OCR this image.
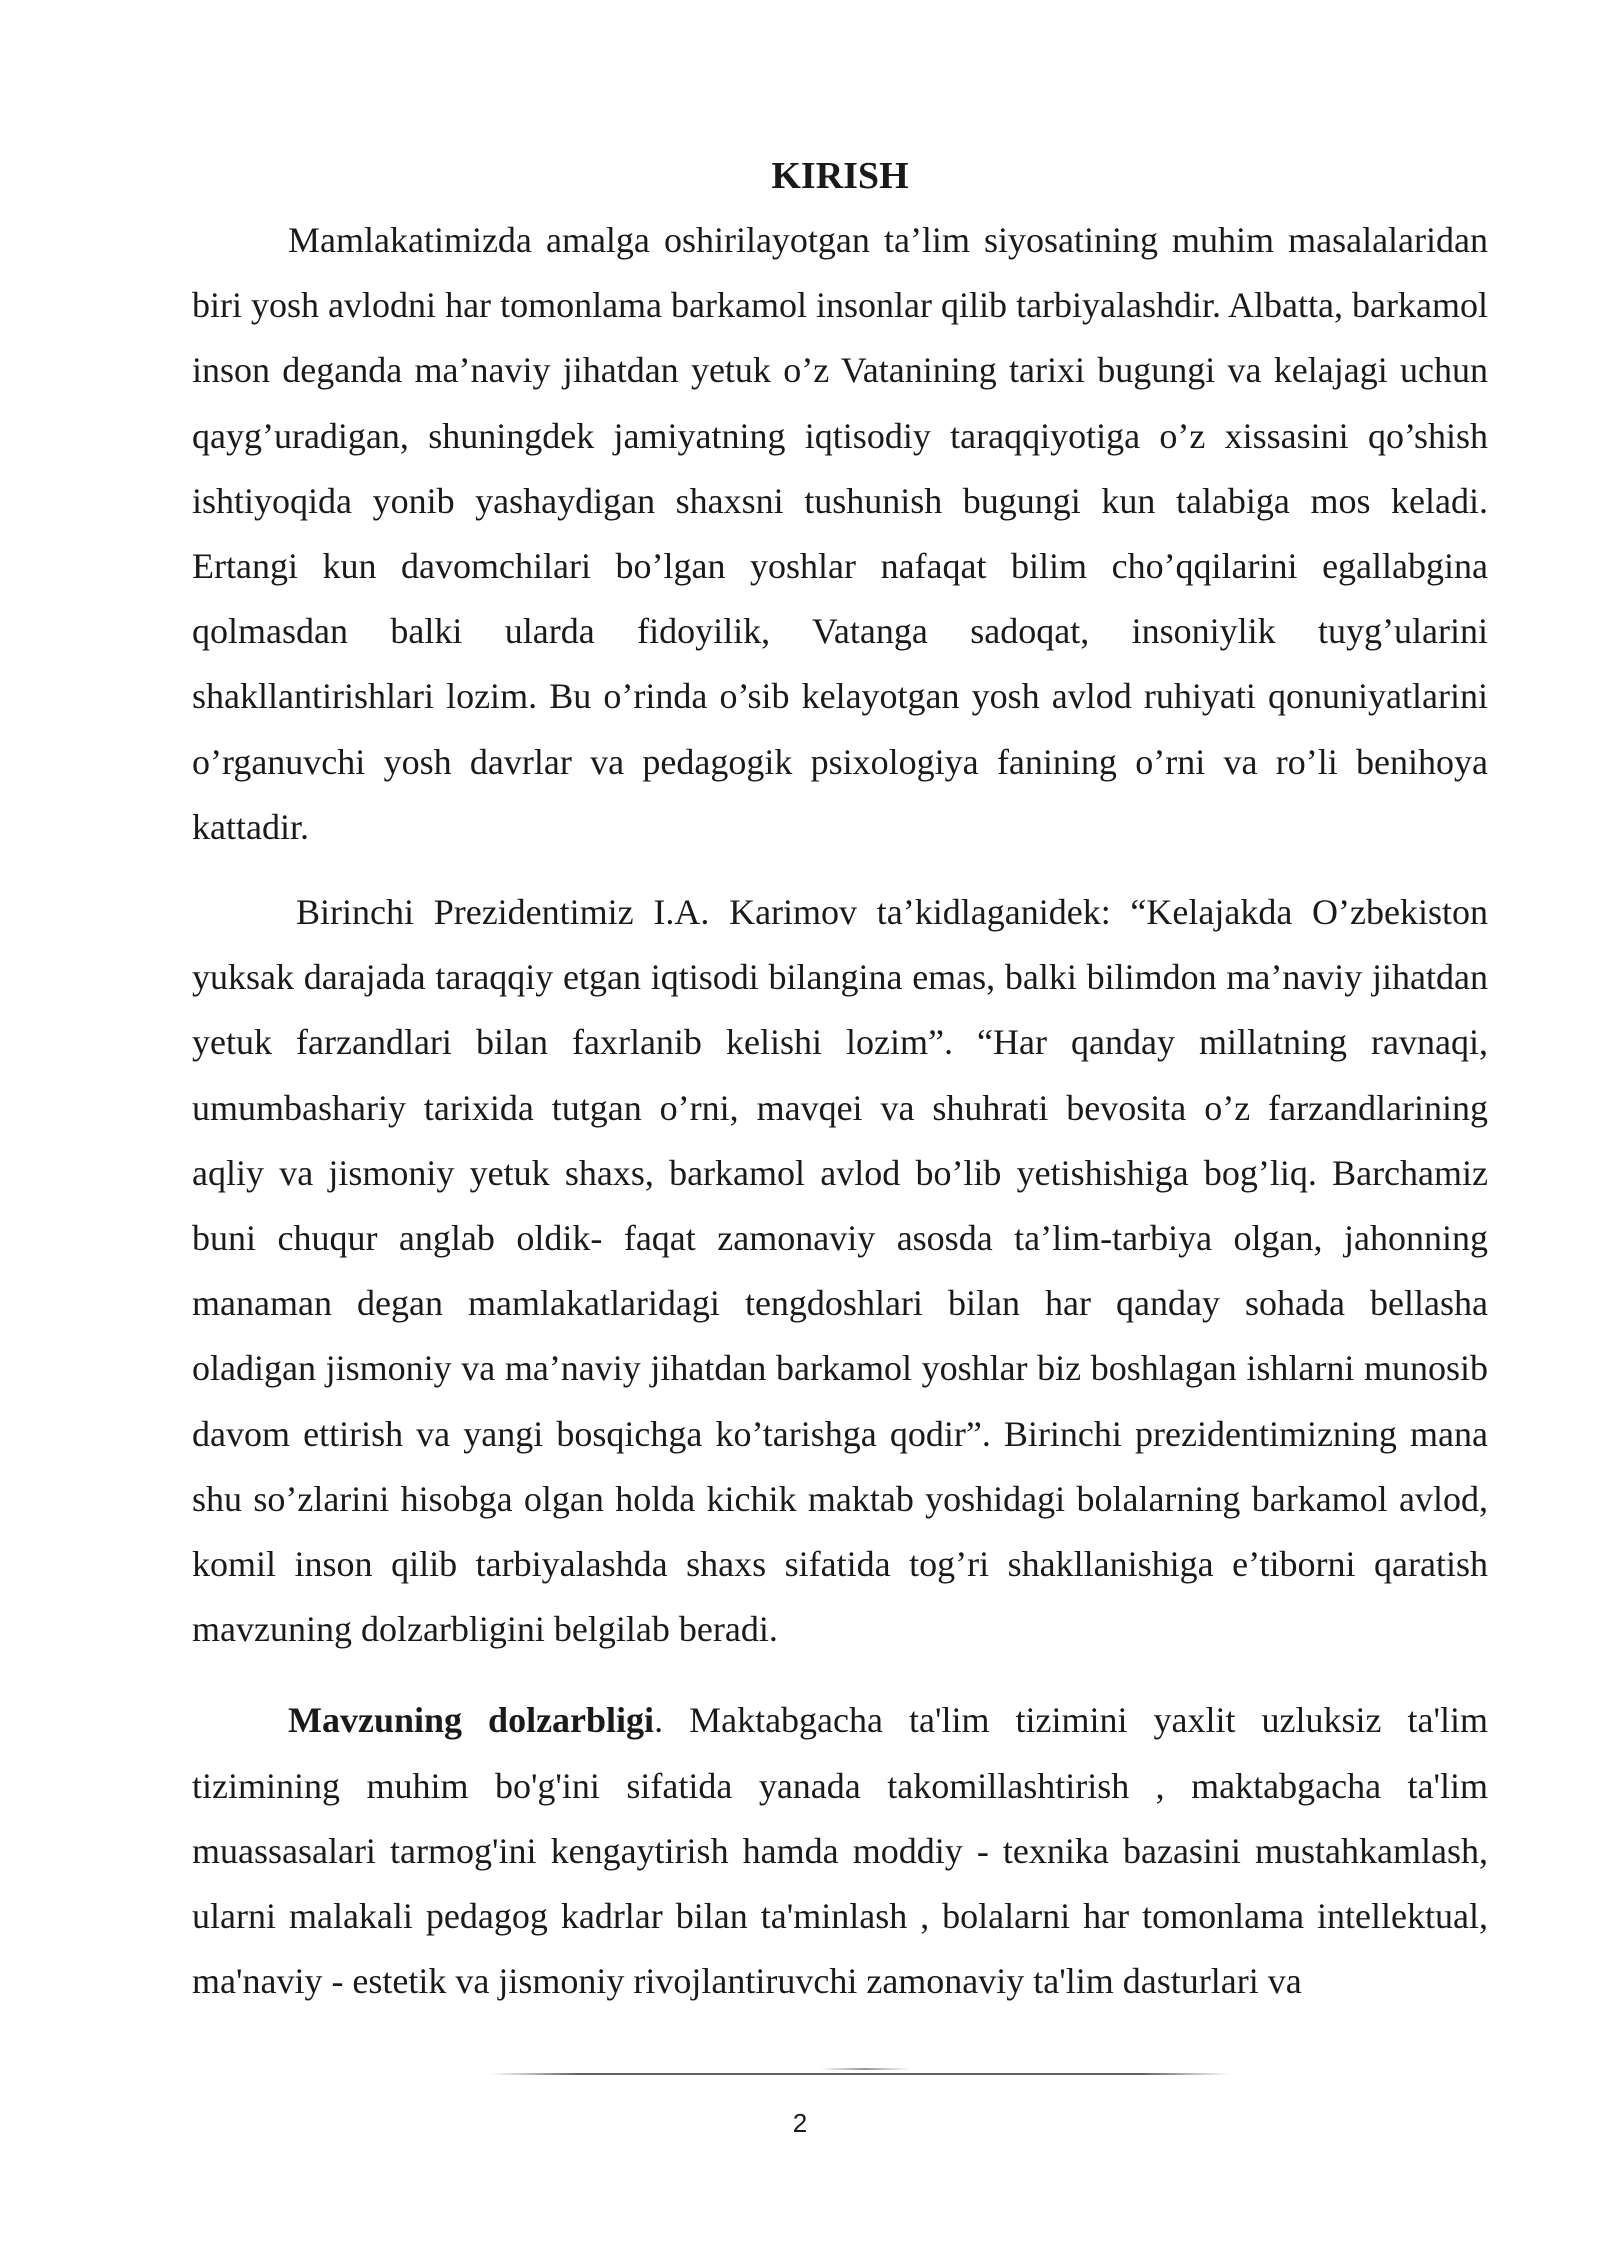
KIRISH

Mamlakatimizda amalga oshirilayotgan ta’lim siyosatining muhim masalalaridan biri yosh avlodni har tomonlama barkamol insonlar qilib tarbiyalashdir. Albatta, barkamol inson deganda ma’naviy jihatdan yetuk o’z Vatanining tarixi bugungi va kelajagi uchun qayg’uradigan, shuningdek jamiyatning iqtisodiy taraqqiyotiga o’z xissasini qo’shish ishtiyoqida yonib yashaydigan shaxsni tushunish bugungi kun talabiga mos keladi. Ertangi kun davomchilari bo’lgan yoshlar nafaqat bilim cho’qqilarini egallabgina qolmasdan balki ularda fidoyilik, Vatanga sadoqat, insoniylik tuyg’ularini shakllantirishlari lozim. Bu o’rinda o’sib kelayotgan yosh avlod ruhiyati qonuniyatlarini o’rganuvchi yosh davrlar va pedagogik psixologiya fanining o’rni va ro’li benihoya kattadir.

Birinchi Prezidentimiz I.A. Karimov ta’kidlaganidek: “Kelajakda O’zbekiston yuksak darajada taraqqiy etgan iqtisodi bilangina emas, balki bilimdon ma’naviy jihatdan yetuk farzandlari bilan faxrlanib kelishi lozim”. “Har qanday millatning ravnaqi, umumbashariy tarixida tutgan o’rni, mavqei va shuhrati bevosita o’z farzandlarining aqliy va jismoniy yetuk shaxs, barkamol avlod bo’lib yetishishiga bog’liq. Barchamiz buni chuqur anglab oldik- faqat zamonaviy asosda ta’lim-tarbiya olgan, jahonning manaman degan mamlakatlaridagi tengdoshlari bilan har qanday sohada bellasha oladigan jismoniy va ma’naviy jihatdan barkamol yoshlar biz boshlagan ishlarni munosib davom ettirish va yangi bosqichga ko’tarishga qodir”. Birinchi prezidentimizning mana shu so’zlarini hisobga olgan holda kichik maktab yoshidagi bolalarning barkamol avlod, komil inson qilib tarbiyalashda shaxs sifatida tog’ri shakllanishiga e’tiborni qaratish mavzuning dolzarbligini belgilab beradi.

Mavzuning dolzarbligi. Maktabgacha ta'lim tizimini yaxlit uzluksiz ta'lim tizimining muhim bo'g'ini sifatida yanada takomillashtirish , maktabgacha ta'lim muassasalari tarmog'ini kengaytirish hamda moddiy - texnika bazasini mustahkamlash, ularni malakali pedagog kadrlar bilan ta'minlash , bolalarni har tomonlama intellektual, ma'naviy - estetik va jismoniy rivojlantiruvchi zamonaviy ta'lim dasturlari va

2
